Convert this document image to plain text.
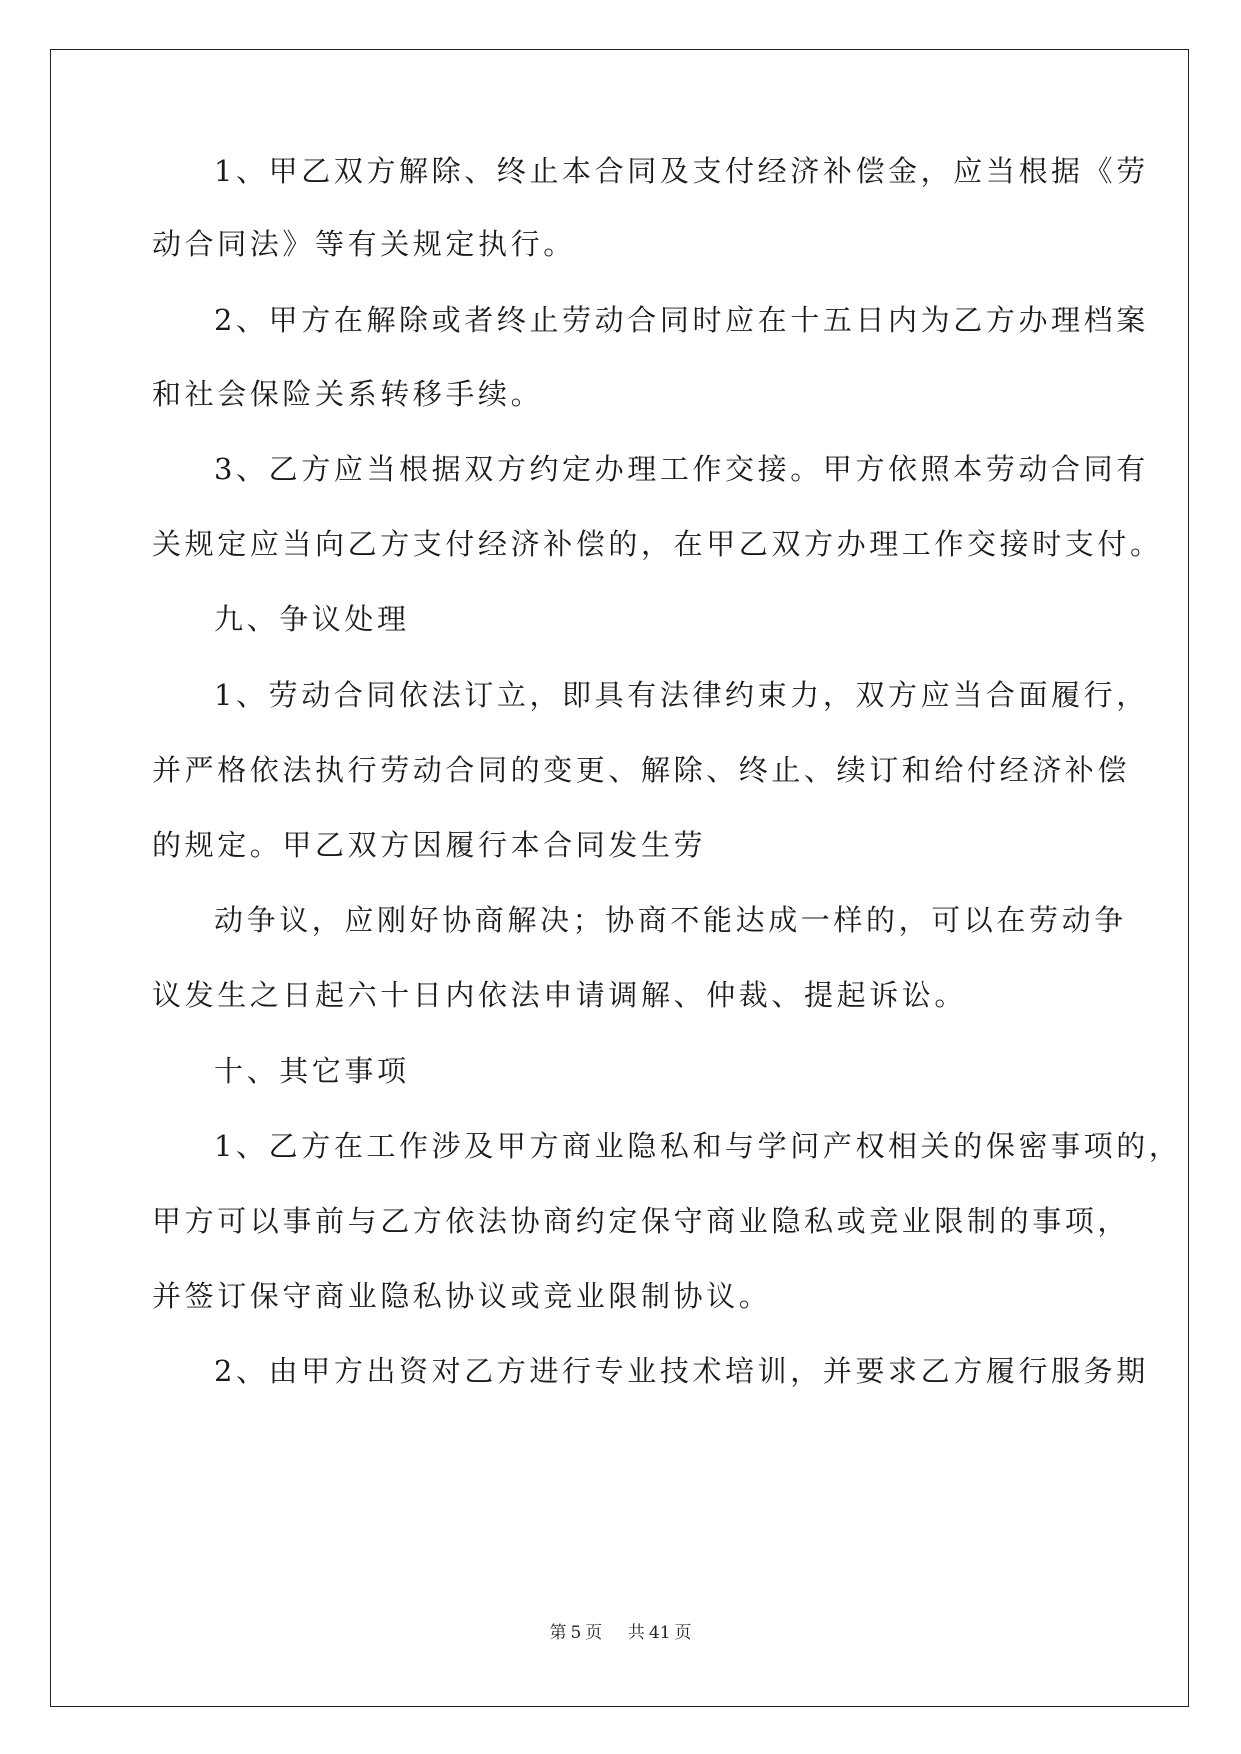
1、甲乙双方解除、终止本合同及支付经济补偿金，应当根据《劳
动合同法》等有关规定执行。
2、甲方在解除或者终止劳动合同时应在十五日内为乙方办理档案
和社会保险关系转移手续。
3、乙方应当根据双方约定办理工作交接。甲方依照本劳动合同有
关规定应当向乙方支付经济补偿的，在甲乙双方办理工作交接时支付。
九、争议处理
1、劳动合同依法订立，即具有法律约束力，双方应当合面履行，
并严格依法执行劳动合同的变更、解除、终止、续订和给付经济补偿
的规定。甲乙双方因履行本合同发生劳
动争议，应刚好协商解决；协商不能达成一样的，可以在劳动争
议发生之日起六十日内依法申请调解、仲裁、提起诉讼。
十、其它事项
1、乙方在工作涉及甲方商业隐私和与学问产权相关的保密事项的，
甲方可以事前与乙方依法协商约定保守商业隐私或竞业限制的事项，
并签订保守商业隐私协议或竞业限制协议。
2、由甲方出资对乙方进行专业技术培训，并要求乙方履行服务期
第 5 页 共 41 页
